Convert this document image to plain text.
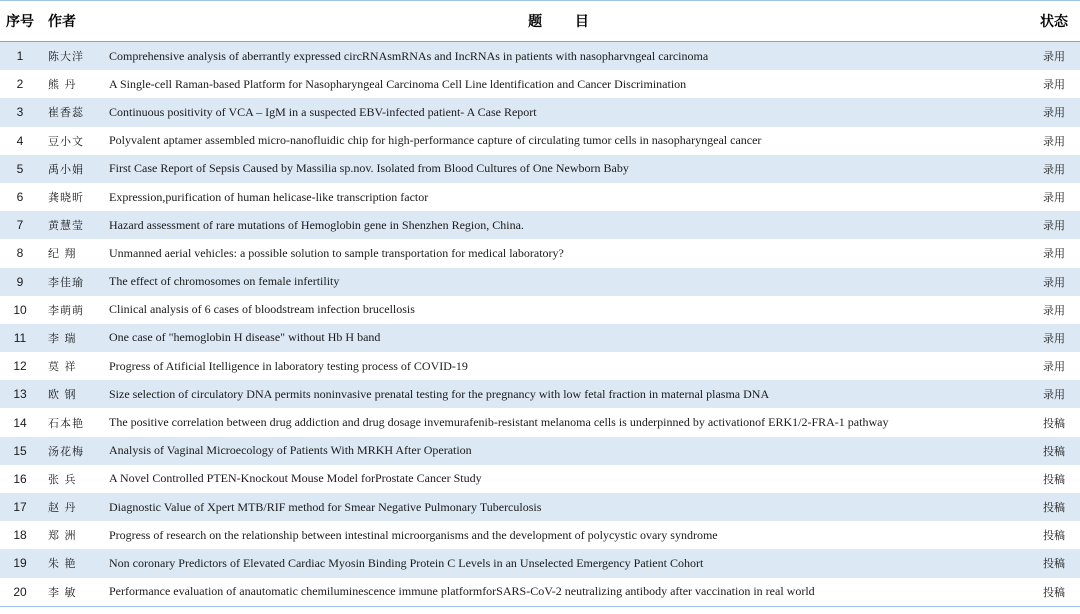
序号	作者	题 目	状态
1	陈大洋	Comprehensive analysis of aberrantly expressed circRNAsmRNAs and IncRNAs in patients with nasopharvngeal carcinoma	录用
2	熊 丹	A Single-cell Raman-based Platform for Nasopharyngeal Carcinoma Cell Line ldentification and Cancer Discrimination	录用
3	崔香蕊	Continuous positivity of VCA – IgM in a suspected EBV-infected patient- A Case Report	录用
4	豆小文	Polyvalent aptamer assembled micro-nanofluidic chip for high-performance capture of circulating tumor cells in nasopharyngeal cancer	录用
5	禹小娟	First Case Report of Sepsis Caused by Massilia sp.nov. Isolated from Blood Cultures of One Newborn Baby	录用
6	龚晓昕	Expression,purification of human helicase-like transcription factor	录用
7	黄慧莹	Hazard assessment of rare mutations of Hemoglobin gene in Shenzhen Region, China.	录用
8	纪 翔	Unmanned aerial vehicles: a possible solution to sample transportation for medical laboratory?	录用
9	李佳瑜	The effect of chromosomes on female infertility	录用
10	李萌萌	Clinical analysis of 6 cases of bloodstream infection brucellosis	录用
11	李 瑞	One case of "hemoglobin H disease" without Hb H band	录用
12	莫 祥	Progress of Atificial Itelligence in laboratory testing process of COVID-19	录用
13	欧 钢	Size selection of circulatory DNA permits noninvasive prenatal testing for the pregnancy with low fetal fraction in maternal plasma DNA	录用
14	石本艳	The positive correlation between drug addiction and drug dosage invemurafenib-resistant melanoma cells is underpinned by activationof ERK1/2-FRA-1 pathway	投稿
15	汤花梅	Analysis of Vaginal Microecology of Patients With MRKH After Operation	投稿
16	张 兵	A Novel Controlled PTEN-Knockout Mouse Model forProstate Cancer Study	投稿
17	赵 丹	Diagnostic Value of Xpert MTB/RIF method for Smear Negative Pulmonary Tuberculosis	投稿
18	郑 洲	Progress of research on the relationship between intestinal microorganisms and the development of polycystic ovary syndrome	投稿
19	朱 艳	Non coronary Predictors of Elevated Cardiac Myosin Binding Protein C Levels in an Unselected Emergency Patient Cohort	投稿
20	李 敏	Performance evaluation of anautomatic chemiluminescence immune platformforSARS-CoV-2 neutralizing antibody after vaccination in real world	投稿
